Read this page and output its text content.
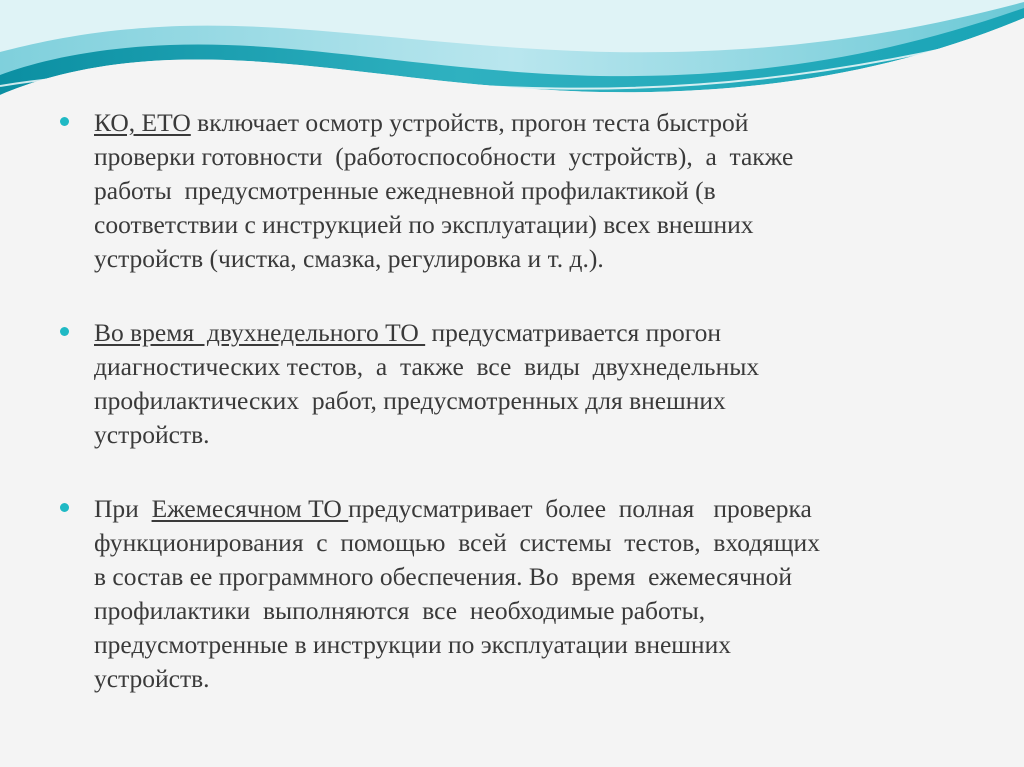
КО, ЕТО включает осмотр устройств, прогон теста быстрой
проверки готовности  (работоспособности  устройств),  а  также
работы  предусмотренные ежедневной профилактикой (в
соответствии с инструкцией по эксплуатации) всех внешних
устройств (чистка, смазка, регулировка и т. д.).

Во время  двухнедельного ТО  предусматривается прогон
диагностических тестов,  а  также  все  виды  двухнедельных
профилактических  работ, предусмотренных для внешних
устройств.

При  Ежемесячном ТО предусматривает  более  полная   проверка
функционирования  с  помощью  всей  системы  тестов,  входящих
в состав ее программного обеспечения. Во  время  ежемесячной
профилактики  выполняются  все  необходимые работы,
предусмотренные в инструкции по эксплуатации внешних
устройств.
